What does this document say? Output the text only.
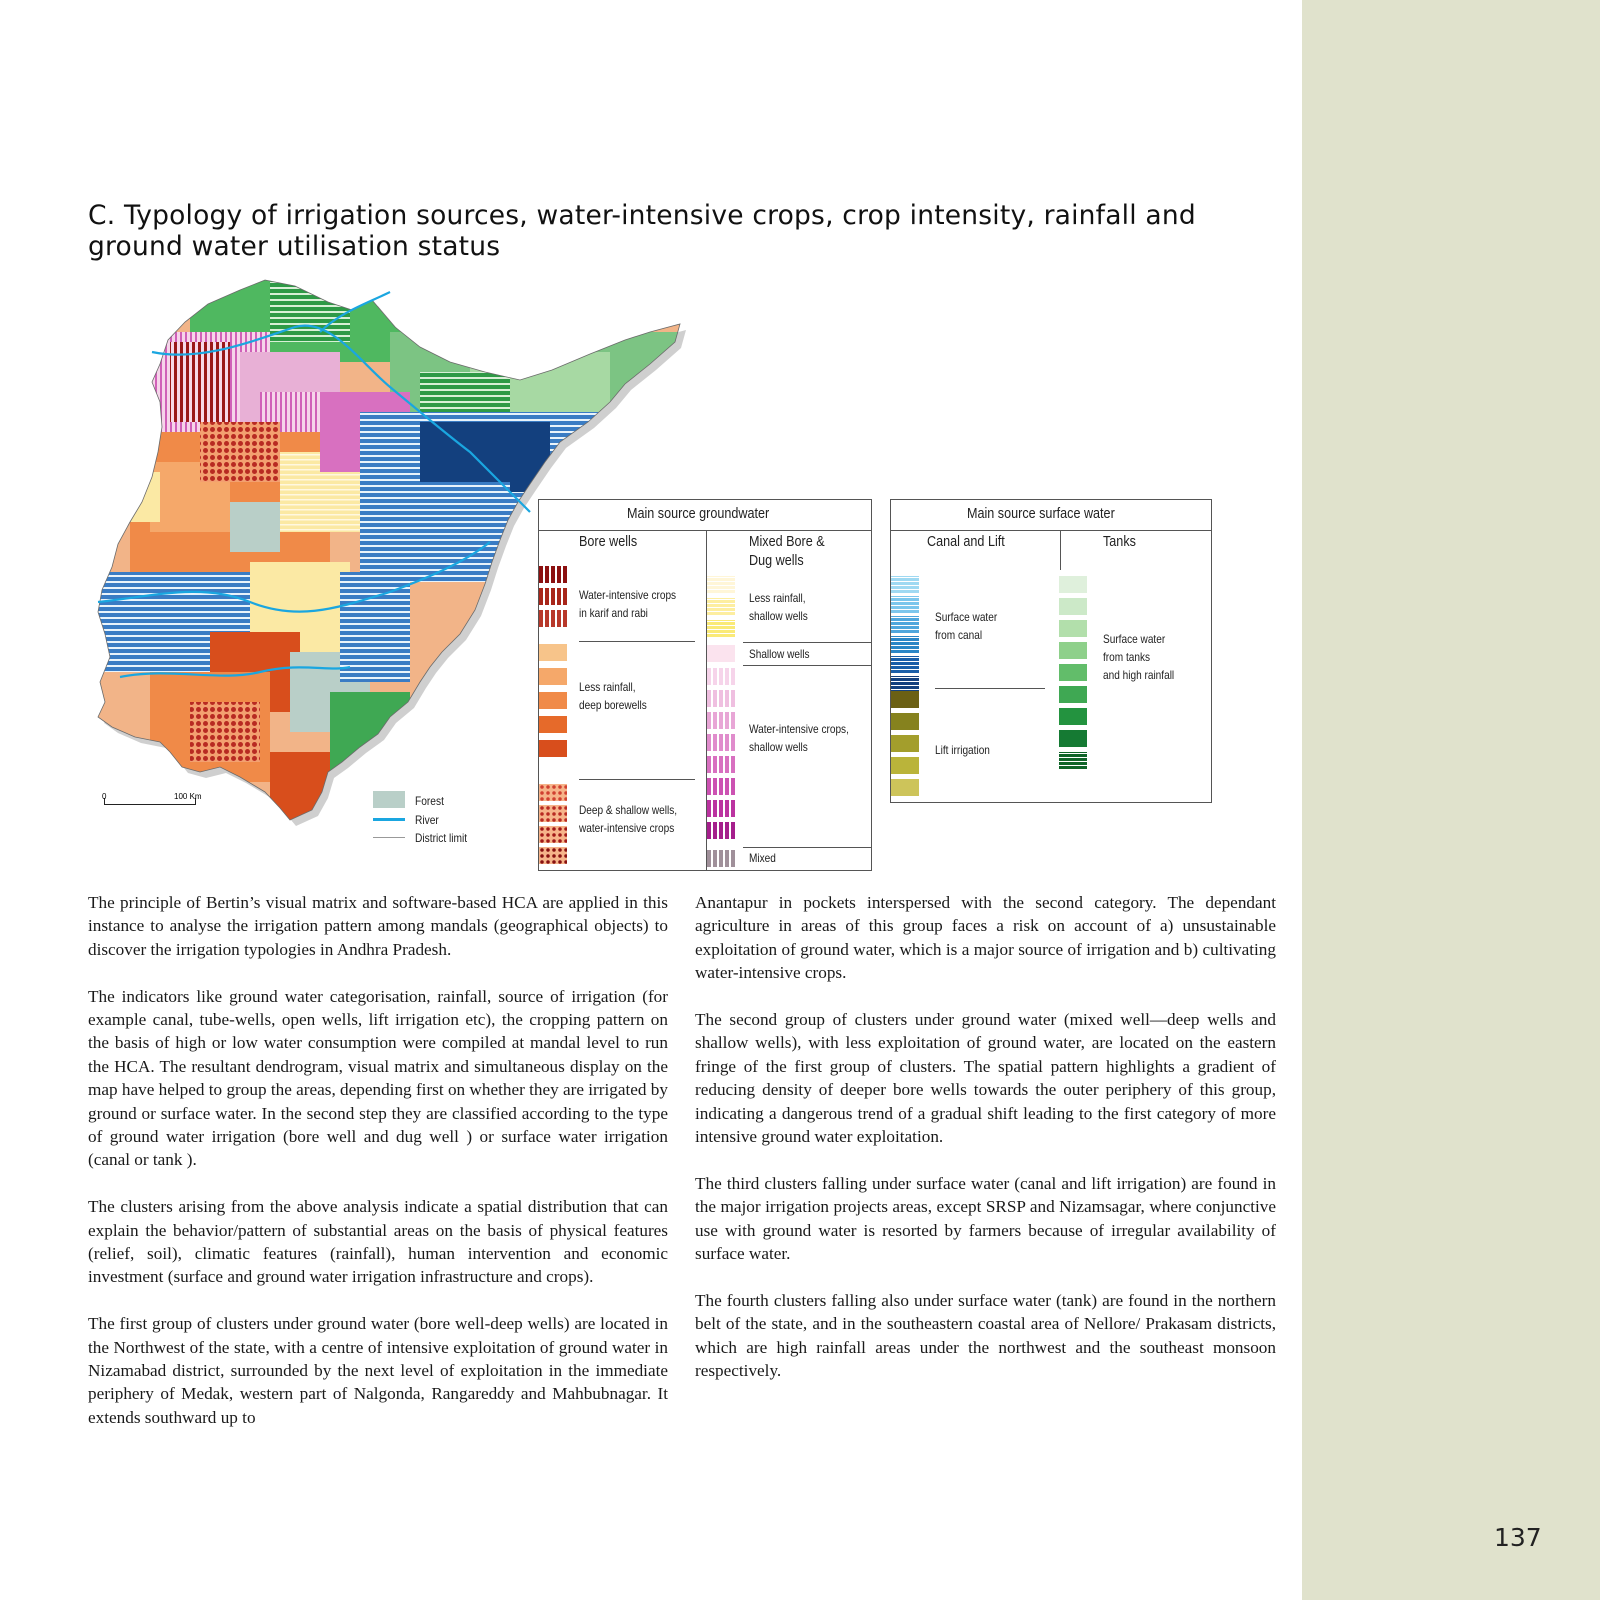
137
C. Typology of irrigation sources, water-intensive crops, crop intensity, rainfall and ground water utilisation status
0	100 Km	Forest
River
District limit
Main source groundwater
Bore wells	Mixed Bore &
Dug wells
Water-intensive crops
in karif and rabi
Less rainfall,
deep borewells
Deep & shallow wells,
water-intensive crops
Less rainfall,
shallow wells
Shallow wells
Water-intensive crops,
shallow wells
Mixed
Main source surface water
Canal and Lift	Tanks
Surface water
from canal
Lift irrigation
Surface water
from tanks
and high rainfall

The principle of Bertin’s visual matrix and software-based HCA are applied in this instance to analyse the irrigation pattern among mandals (geographical objects) to discover the irrigation typologies in Andhra Pradesh.

The indicators like ground water categorisation, rainfall, source of irrigation (for example canal, tube-wells, open wells, lift irrigation etc), the cropping pattern on the basis of high or low water consumption were compiled at mandal level to run the HCA. The resultant dendrogram, visual matrix and simultaneous display on the map have helped to group the areas, depending first on whether they are irrigated by ground or surface water. In the second step they are classified according to the type of ground water irrigation (bore well and dug well ) or surface water irrigation (canal or tank ).

The clusters arising from the above analysis indicate a spatial distribution that can explain the behavior/pattern of substantial areas on the basis of physical features (relief, soil), climatic features (rainfall), human intervention and economic investment (surface and ground water irrigation infrastructure and crops).

The first group of clusters under ground water (bore well-deep wells) are located in the Northwest of the state, with a centre of intensive exploitation of ground water in Nizamabad district, surrounded by the next level of exploitation in the immediate periphery of Medak, western part of Nalgonda, Rangareddy and Mahbubnagar. It extends southward up to

Anantapur in pockets interspersed with the second category. The dependant agriculture in areas of this group faces a risk on account of a) unsustainable exploitation of ground water, which is a major source of irrigation and b) cultivating water-intensive crops.

The second group of clusters under ground water (mixed well—deep wells and shallow wells), with less exploitation of ground water, are located on the eastern fringe of the first group of clusters. The spatial pattern highlights a gradient of reducing density of deeper bore wells towards the outer periphery of this group, indicating a dangerous trend of a gradual shift leading to the first category of more intensive ground water exploitation.

The third clusters falling under surface water (canal and lift irrigation) are found in the major irrigation projects areas, except SRSP and Nizamsagar, where conjunctive use with ground water is resorted by farmers because of irregular availability of surface water.

The fourth clusters falling also under surface water (tank) are found in the northern belt of the state, and in the southeastern coastal area of Nellore/ Prakasam districts, which are high rainfall areas under the northwest and the southeast monsoon respectively.
